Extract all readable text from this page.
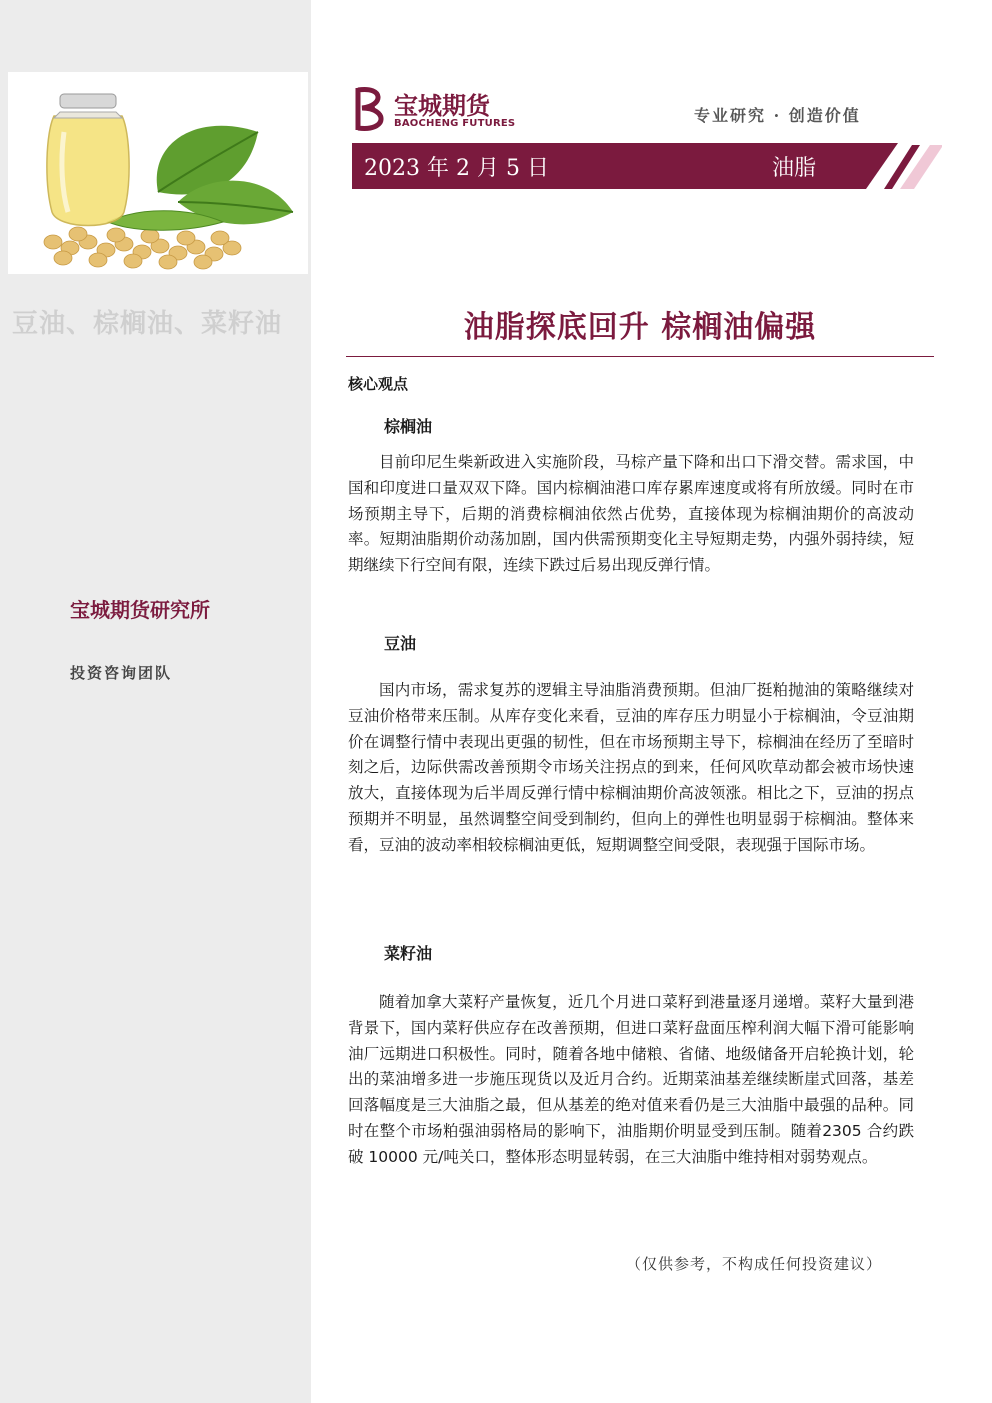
豆油、棕榈油、菜籽油
宝城期货研究所
投资咨询团队
宝城期货
BAOCHENG FUTURES	专业研究 · 创造价值
2023 年 2 月 5 日	油脂
油脂探底回升 棕榈油偏强
核心观点
棕榈油
目前印尼生柴新政进入实施阶段，马棕产量下降和出口下滑交替。需求国，中国和印度进口量双双下降。国内棕榈油港口库存累库速度或将有所放缓。同时在市场预期主导下，后期的消费棕榈油依然占优势，直接体现为棕榈油期价的高波动率。短期油脂期价动荡加剧，国内供需预期变化主导短期走势，内强外弱持续，短期继续下行空间有限，连续下跌过后易出现反弹行情。
豆油
国内市场，需求复苏的逻辑主导油脂消费预期。但油厂挺粕抛油的策略继续对豆油价格带来压制。从库存变化来看，豆油的库存压力明显小于棕榈油，令豆油期价在调整行情中表现出更强的韧性，但在市场预期主导下，棕榈油在经历了至暗时刻之后，边际供需改善预期令市场关注拐点的到来，任何风吹草动都会被市场快速放大，直接体现为后半周反弹行情中棕榈油期价高波领涨。相比之下，豆油的拐点预期并不明显，虽然调整空间受到制约，但向上的弹性也明显弱于棕榈油。整体来看，豆油的波动率相较棕榈油更低，短期调整空间受限，表现强于国际市场。
菜籽油
随着加拿大菜籽产量恢复，近几个月进口菜籽到港量逐月递增。菜籽大量到港背景下，国内菜籽供应存在改善预期，但进口菜籽盘面压榨利润大幅下滑可能影响油厂远期进口积极性。同时，随着各地中储粮、省储、地级储备开启轮换计划，轮出的菜油增多进一步施压现货以及近月合约。近期菜油基差继续断崖式回落，基差回落幅度是三大油脂之最，但从基差的绝对值来看仍是三大油脂中最强的品种。同时在整个市场粕强油弱格局的影响下，油脂期价明显受到压制。随着2305 合约跌破 10000 元/吨关口，整体形态明显转弱，在三大油脂中维持相对弱势观点。
（仅供参考，不构成任何投资建议）
